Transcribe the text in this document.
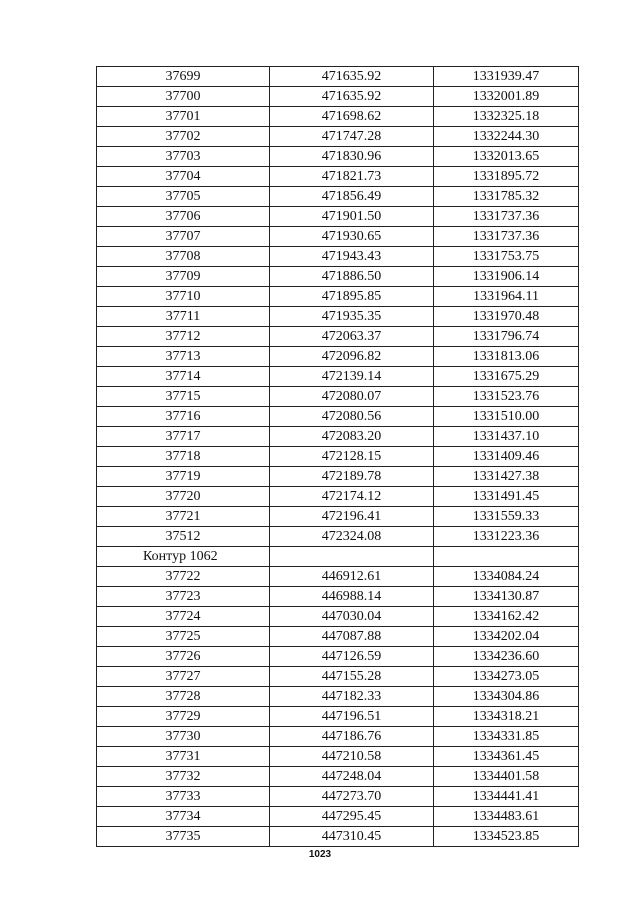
37699	471635.92	1331939.47
37700	471635.92	1332001.89
37701	471698.62	1332325.18
37702	471747.28	1332244.30
37703	471830.96	1332013.65
37704	471821.73	1331895.72
37705	471856.49	1331785.32
37706	471901.50	1331737.36
37707	471930.65	1331737.36
37708	471943.43	1331753.75
37709	471886.50	1331906.14
37710	471895.85	1331964.11
37711	471935.35	1331970.48
37712	472063.37	1331796.74
37713	472096.82	1331813.06
37714	472139.14	1331675.29
37715	472080.07	1331523.76
37716	472080.56	1331510.00
37717	472083.20	1331437.10
37718	472128.15	1331409.46
37719	472189.78	1331427.38
37720	472174.12	1331491.45
37721	472196.41	1331559.33
37512	472324.08	1331223.36
Контур 1062		
37722	446912.61	1334084.24
37723	446988.14	1334130.87
37724	447030.04	1334162.42
37725	447087.88	1334202.04
37726	447126.59	1334236.60
37727	447155.28	1334273.05
37728	447182.33	1334304.86
37729	447196.51	1334318.21
37730	447186.76	1334331.85
37731	447210.58	1334361.45
37732	447248.04	1334401.58
37733	447273.70	1334441.41
37734	447295.45	1334483.61
37735	447310.45	1334523.85
1023
